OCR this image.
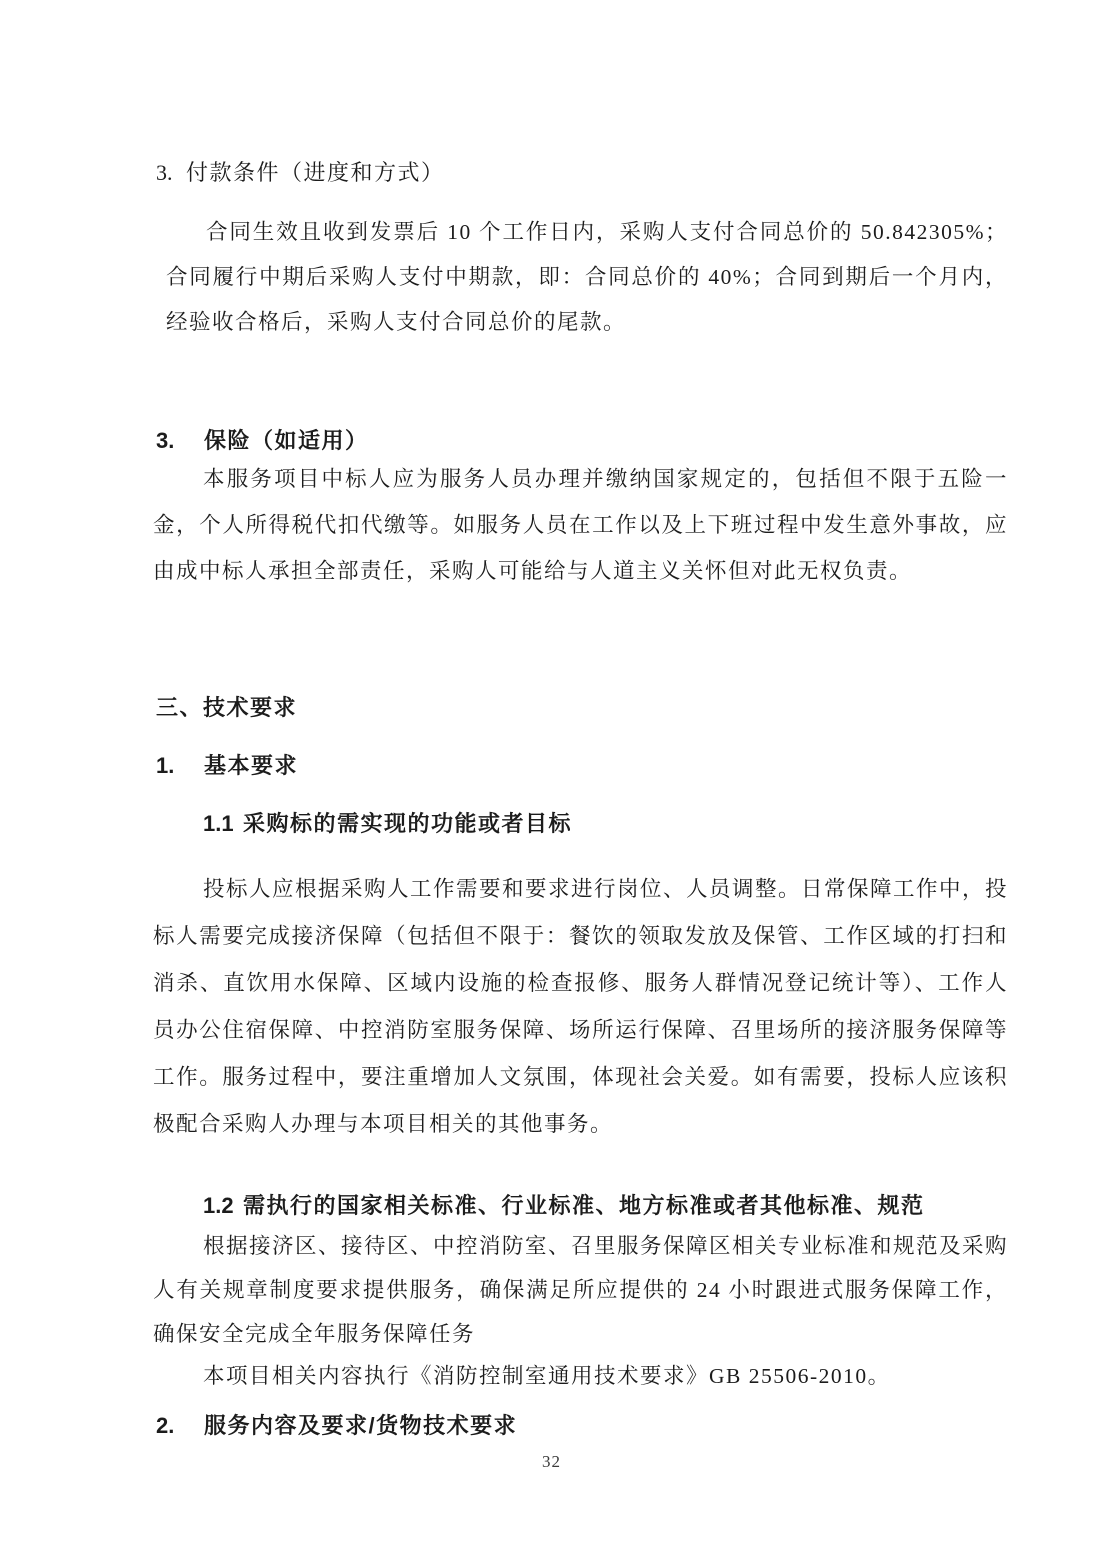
3. 付款条件（进度和方式）

合同生效且收到发票后 10 个工作日内，采购人支付合同总价的 50.842305%；合同履行中期后采购人支付中期款，即：合同总价的 40%；合同到期后一个月内，经验收合格后，采购人支付合同总价的尾款。

3. 保险（如适用）

本服务项目中标人应为服务人员办理并缴纳国家规定的，包括但不限于五险一金，个人所得税代扣代缴等。如服务人员在工作以及上下班过程中发生意外事故，应由成中标人承担全部责任，采购人可能给与人道主义关怀但对此无权负责。

三、技术要求

1. 基本要求

1.1 采购标的需实现的功能或者目标

投标人应根据采购人工作需要和要求进行岗位、人员调整。日常保障工作中，投标人需要完成接济保障（包括但不限于：餐饮的领取发放及保管、工作区域的打扫和消杀、直饮用水保障、区域内设施的检查报修、服务人群情况登记统计等）、工作人员办公住宿保障、中控消防室服务保障、场所运行保障、召里场所的接济服务保障等工作。服务过程中，要注重增加人文氛围，体现社会关爱。如有需要，投标人应该积极配合采购人办理与本项目相关的其他事务。

1.2 需执行的国家相关标准、行业标准、地方标准或者其他标准、规范

根据接济区、接待区、中控消防室、召里服务保障区相关专业标准和规范及采购人有关规章制度要求提供服务，确保满足所应提供的 24 小时跟进式服务保障工作，确保安全完成全年服务保障任务

本项目相关内容执行《消防控制室通用技术要求》GB 25506-2010。

2. 服务内容及要求/货物技术要求

32
